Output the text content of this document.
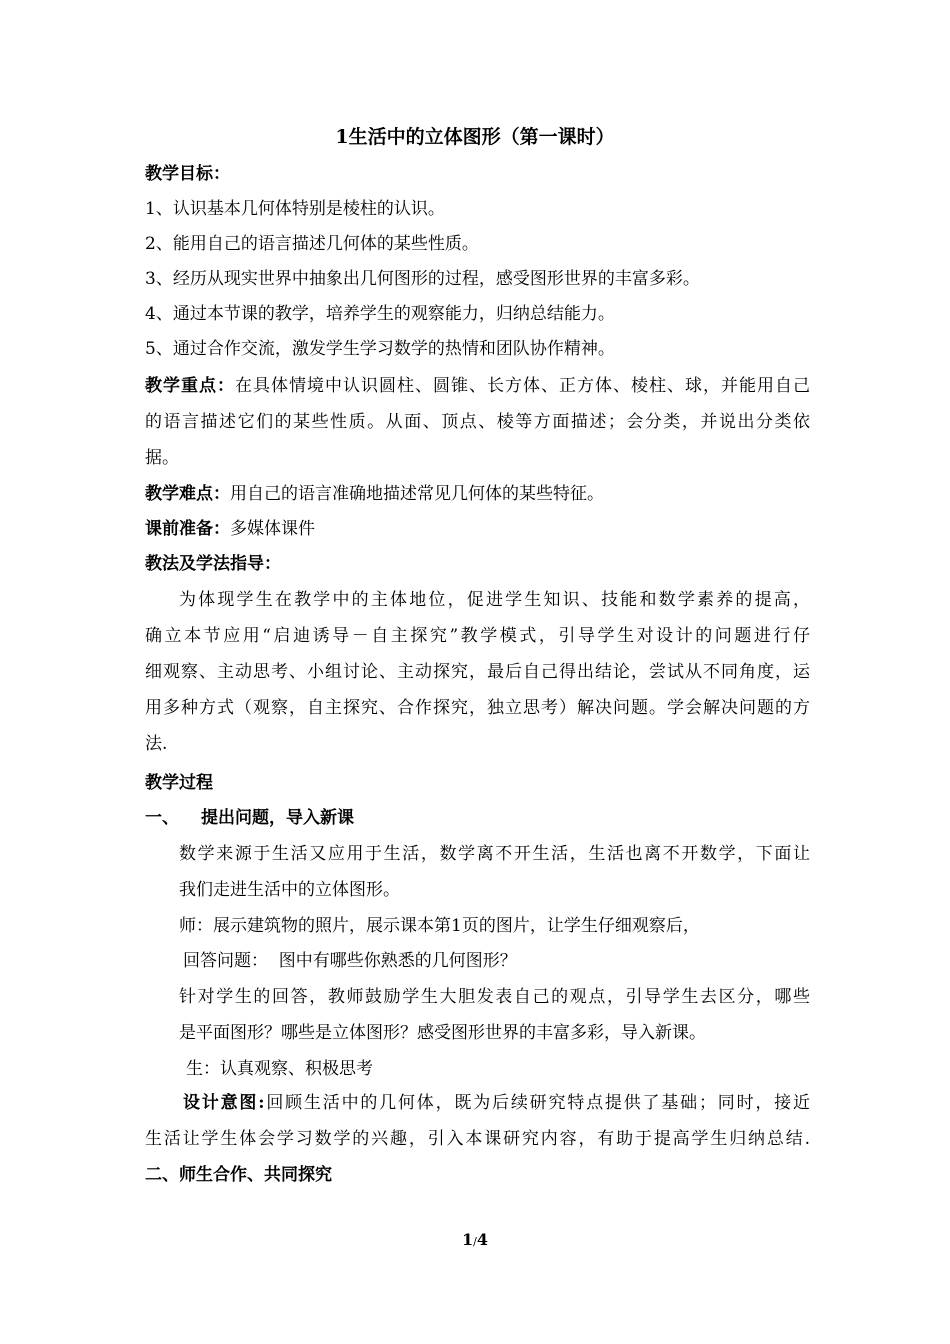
1生活中的立体图形（第一课时）
教学目标：
1、认识基本几何体特别是棱柱的认识。
2、能用自己的语言描述几何体的某些性质。
3、经历从现实世界中抽象出几何图形的过程，感受图形世界的丰富多彩。
4、通过本节课的教学，培养学生的观察能力，归纳总结能力。
5、通过合作交流，激发学生学习数学的热情和团队协作精神。
教学重点：在具体情境中认识圆柱、圆锥、长方体、正方体、棱柱、球，并能用自己
的语言描述它们的某些性质。从面、顶点、棱等方面描述；会分类，并说出分类依
据。
教学难点：用自己的语言准确地描述常见几何体的某些特征。
课前准备：多媒体课件
教法及学法指导：
为体现学生在教学中的主体地位，促进学生知识、技能和数学素养的提高，
确立本节应用“启迪诱导－自主探究”教学模式，引导学生对设计的问题进行仔
细观察、主动思考、小组讨论、主动探究，最后自己得出结论，尝试从不同角度，运
用多种方式（观察，自主探究、合作探究，独立思考）解决问题。学会解决问题的方
法.
教学过程
一、 提出问题，导入新课
数学来源于生活又应用于生活，数学离不开生活，生活也离不开数学，下面让
我们走进生活中的立体图形。
师：展示建筑物的照片，展示课本第1页的图片，让学生仔细观察后，
回答问题：  图中有哪些你熟悉的几何图形？
针对学生的回答，教师鼓励学生大胆发表自己的观点，引导学生去区分，哪些
是平面图形？哪些是立体图形？感受图形世界的丰富多彩，导入新课。
生：认真观察、积极思考
设计意图:回顾生活中的几何体，既为后续研究特点提供了基础；同时，接近
生活让学生体会学习数学的兴趣，引入本课研究内容，有助于提高学生归纳总结.
二、师生合作、共同探究
1/4
